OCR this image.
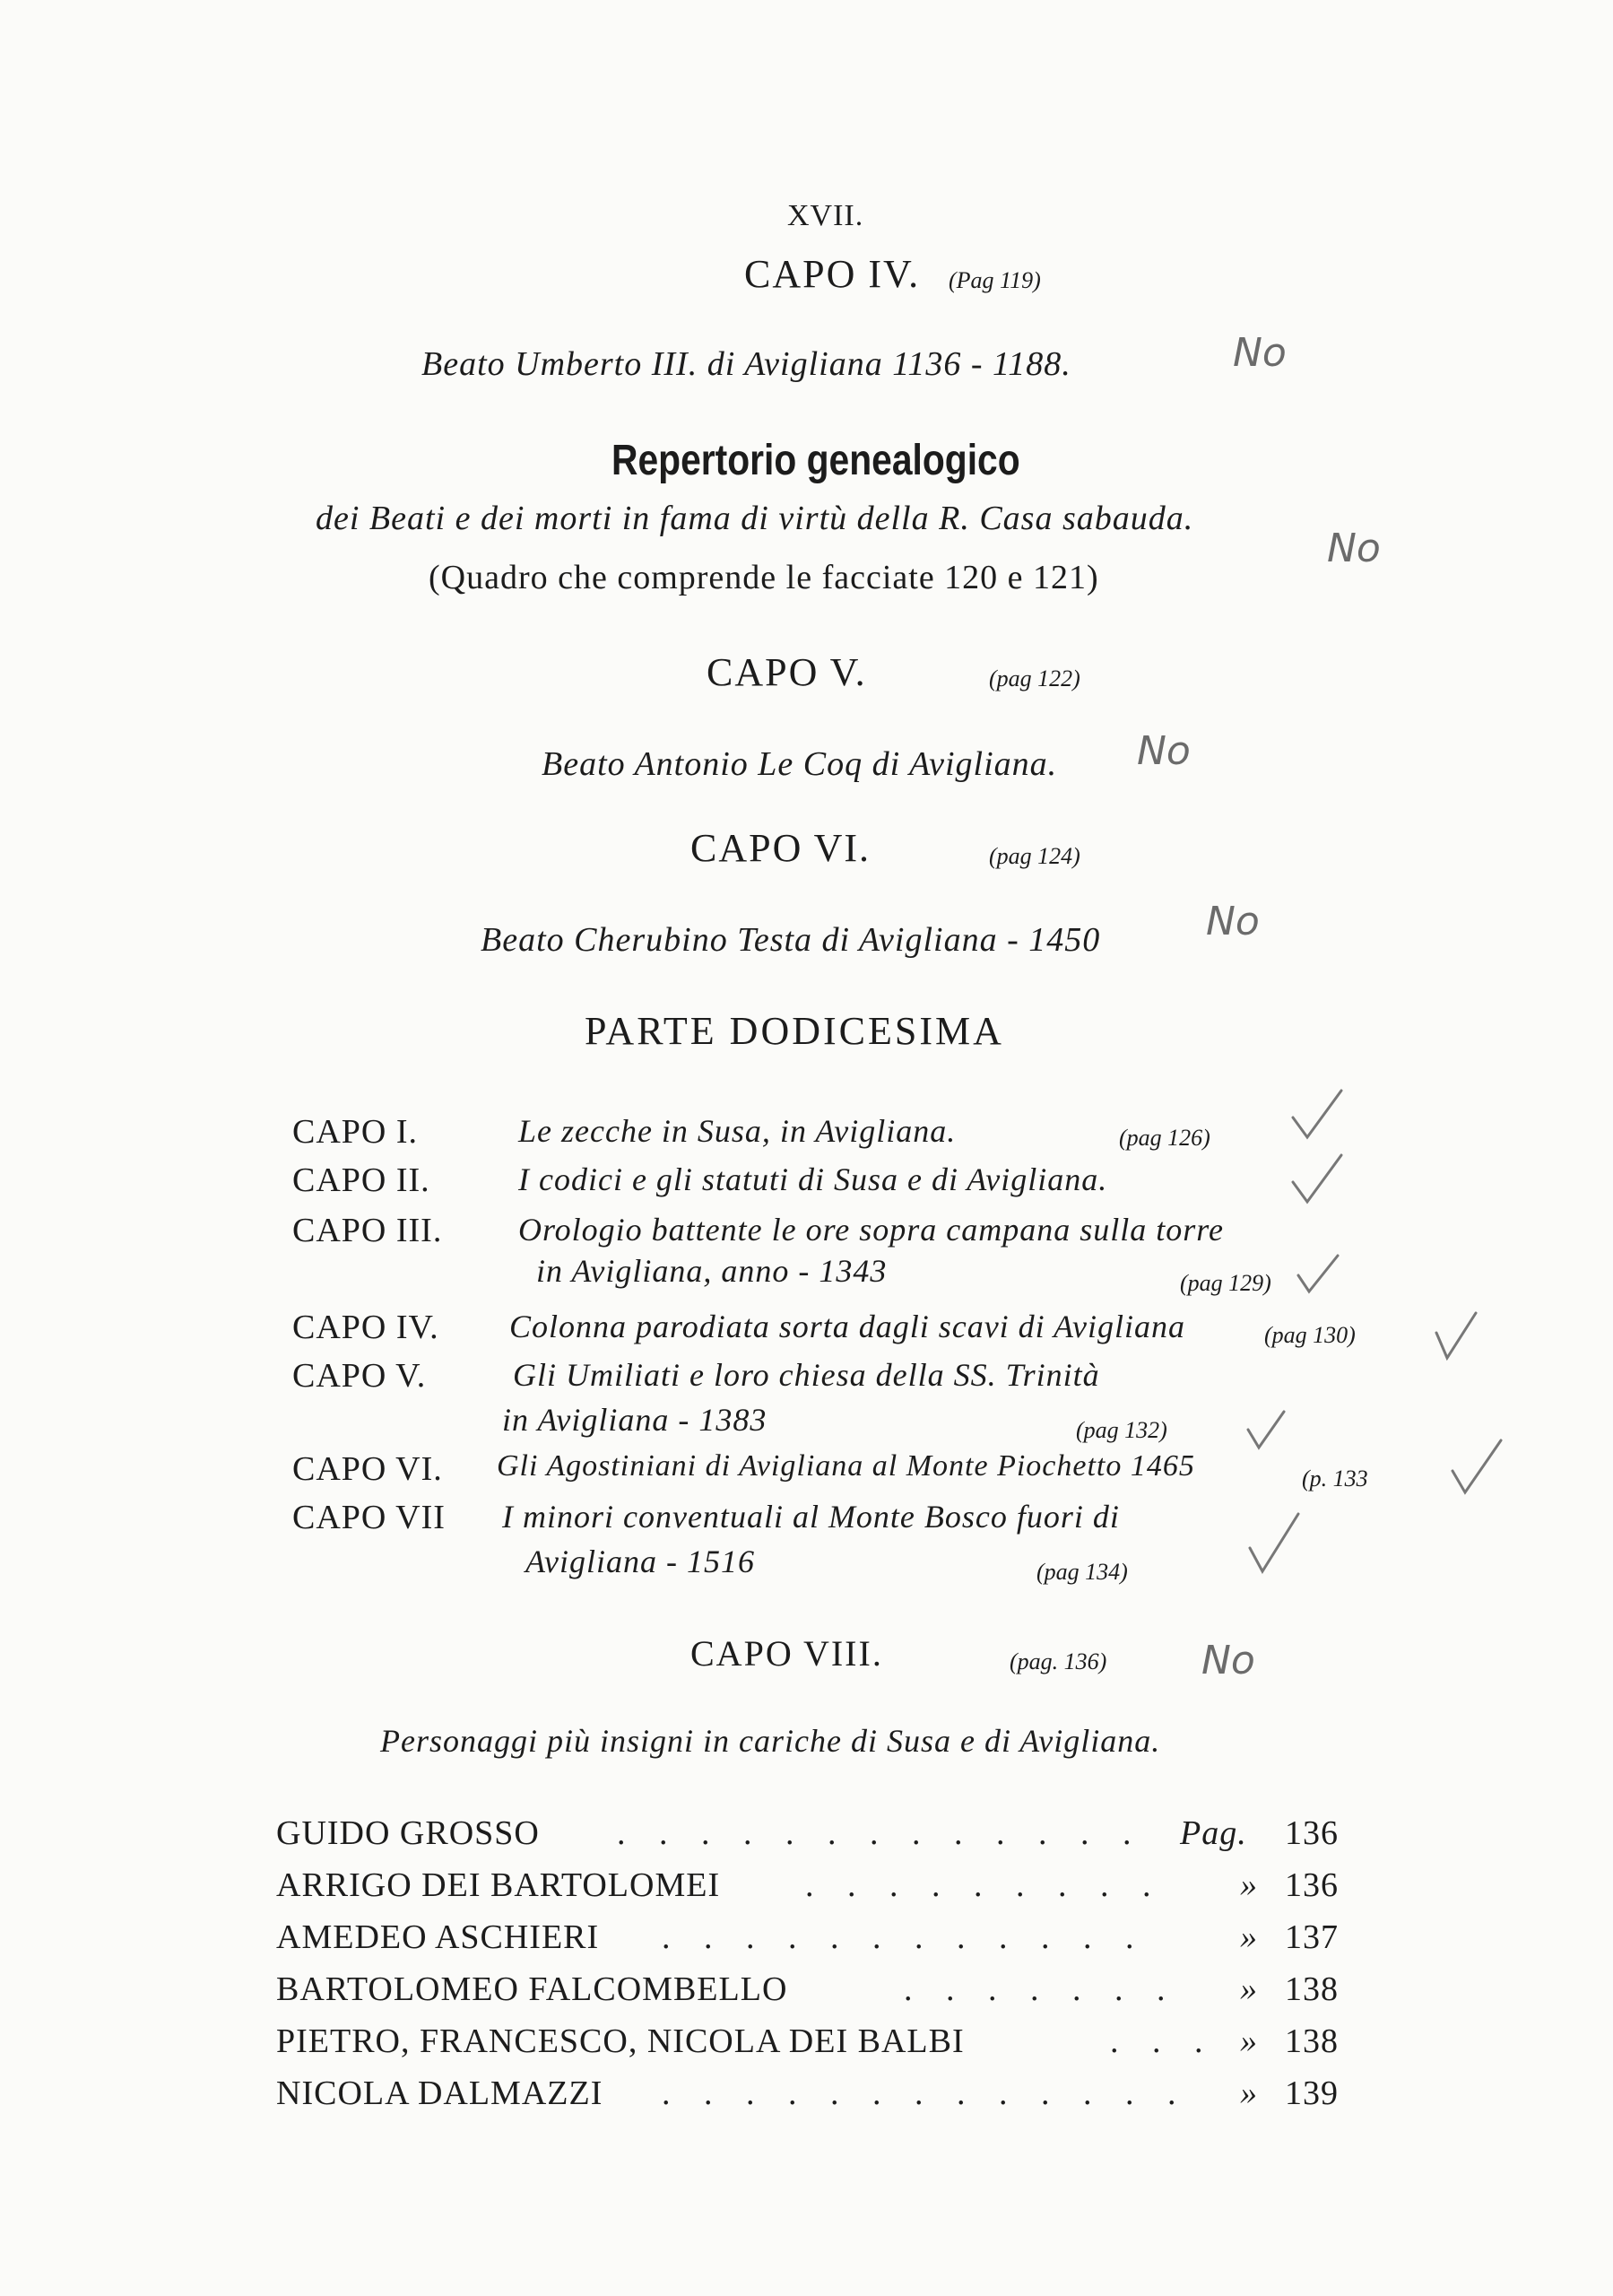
XVII.
CAPO IV. (Pag 119)
Beato Umberto III. di Avigliana 1136 - 1188.	No
Repertorio genealogico
dei Beati e dei morti in fama di virtù della R. Casa sabauda.
(Quadro che comprende le facciate 120 e 121)
No
CAPO V.	(pag 122)
Beato Antonio Le Coq di Avigliana. No
CAPO VI.	(pag 124)
Beato Cherubino Testa di Avigliana - 1450	No
PARTE DODICESIMA
CAPO I.	Le zecche in Susa, in Avigliana.	(pag 126)
CAPO II.	I codici e gli statuti di Susa e di Avigliana.
CAPO III. Orologio battente le ore sopra campana sulla torre
in Avigliana, anno - 1343	(pag 129)
CAPO IV. Colonna parodiata sorta dagli scavi di Avigliana	(pag 130)
CAPO V.	Gli Umiliati e loro chiesa della SS. Trinità
in Avigliana - 1383	(pag 132)
CAPO VI. Gli Agostiniani di Avigliana al Monte Piochetto 1465	(p. 133
CAPO VII I minori conventuali al Monte Bosco fuori di
Avigliana - 1516	(pag 134)
CAPO VIII.	(pag. 136) No
Personaggi più insigni in cariche di Susa e di Avigliana.
GUIDO GROSSO . . . . . . . . . . . . . Pag. 136
ARRIGO DEI BARTOLOMEI . . . . . . . . . » 136
AMEDEO ASCHIERI . . . . . . . . . . . .	» 137
BARTOLOMEO FALCOMBELLO	. . . . . . . » 138
PIETRO, FRANCESCO, NICOLA DEI BALBI	. . . » 138
NICOLA DALMAZZI . . . . . . . . . . . . . » 139
